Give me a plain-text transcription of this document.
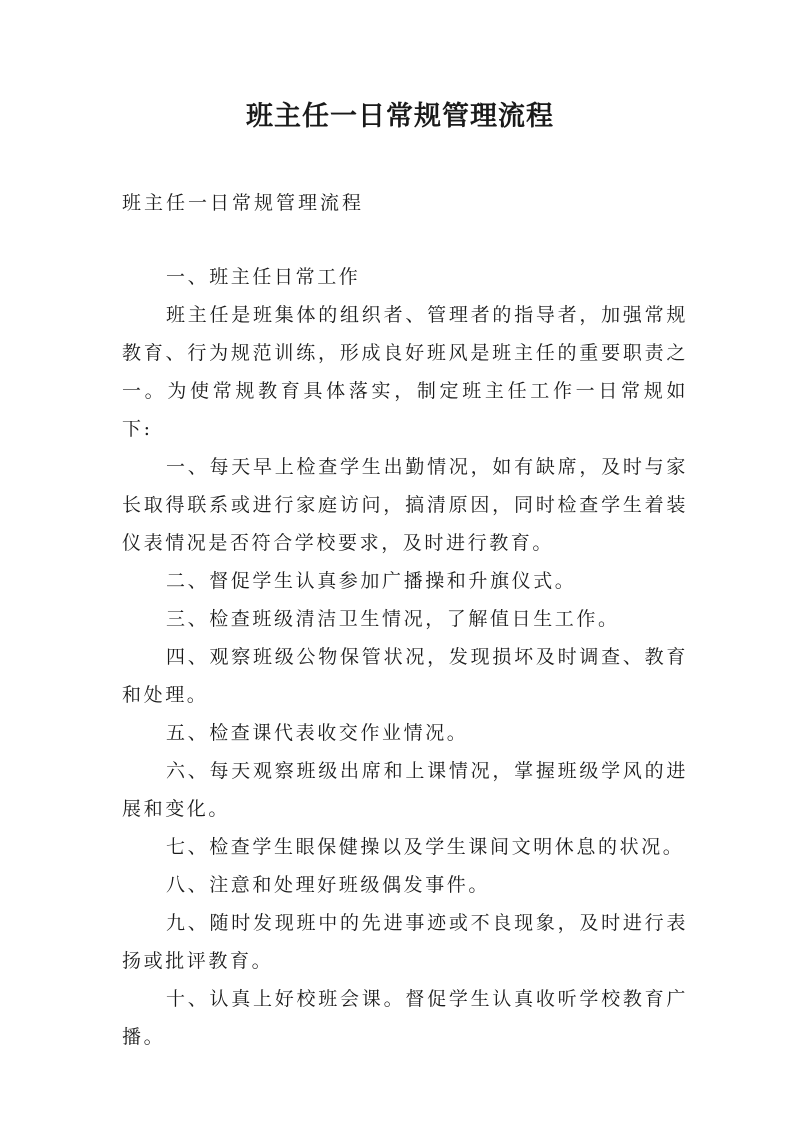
班主任一日常规管理流程
班主任一日常规管理流程

一、班主任日常工作

班主任是班集体的组织者、管理者的指导者，加强常规教育、行为规范训练，形成良好班风是班主任的重要职责之一。为使常规教育具体落实，制定班主任工作一日常规如下:

一、每天早上检查学生出勤情况，如有缺席，及时与家长取得联系或进行家庭访问，搞清原因，同时检查学生着装仪表情况是否符合学校要求，及时进行教育。

二、督促学生认真参加广播操和升旗仪式。

三、检查班级清洁卫生情况，了解值日生工作。

四、观察班级公物保管状况，发现损坏及时调查、教育和处理。

五、检查课代表收交作业情况。

六、每天观察班级出席和上课情况，掌握班级学风的进展和变化。

七、检查学生眼保健操以及学生课间文明休息的状况。

八、注意和处理好班级偶发事件。

九、随时发现班中的先进事迹或不良现象，及时进行表扬或批评教育。

十、认真上好校班会课。督促学生认真收听学校教育广播。
